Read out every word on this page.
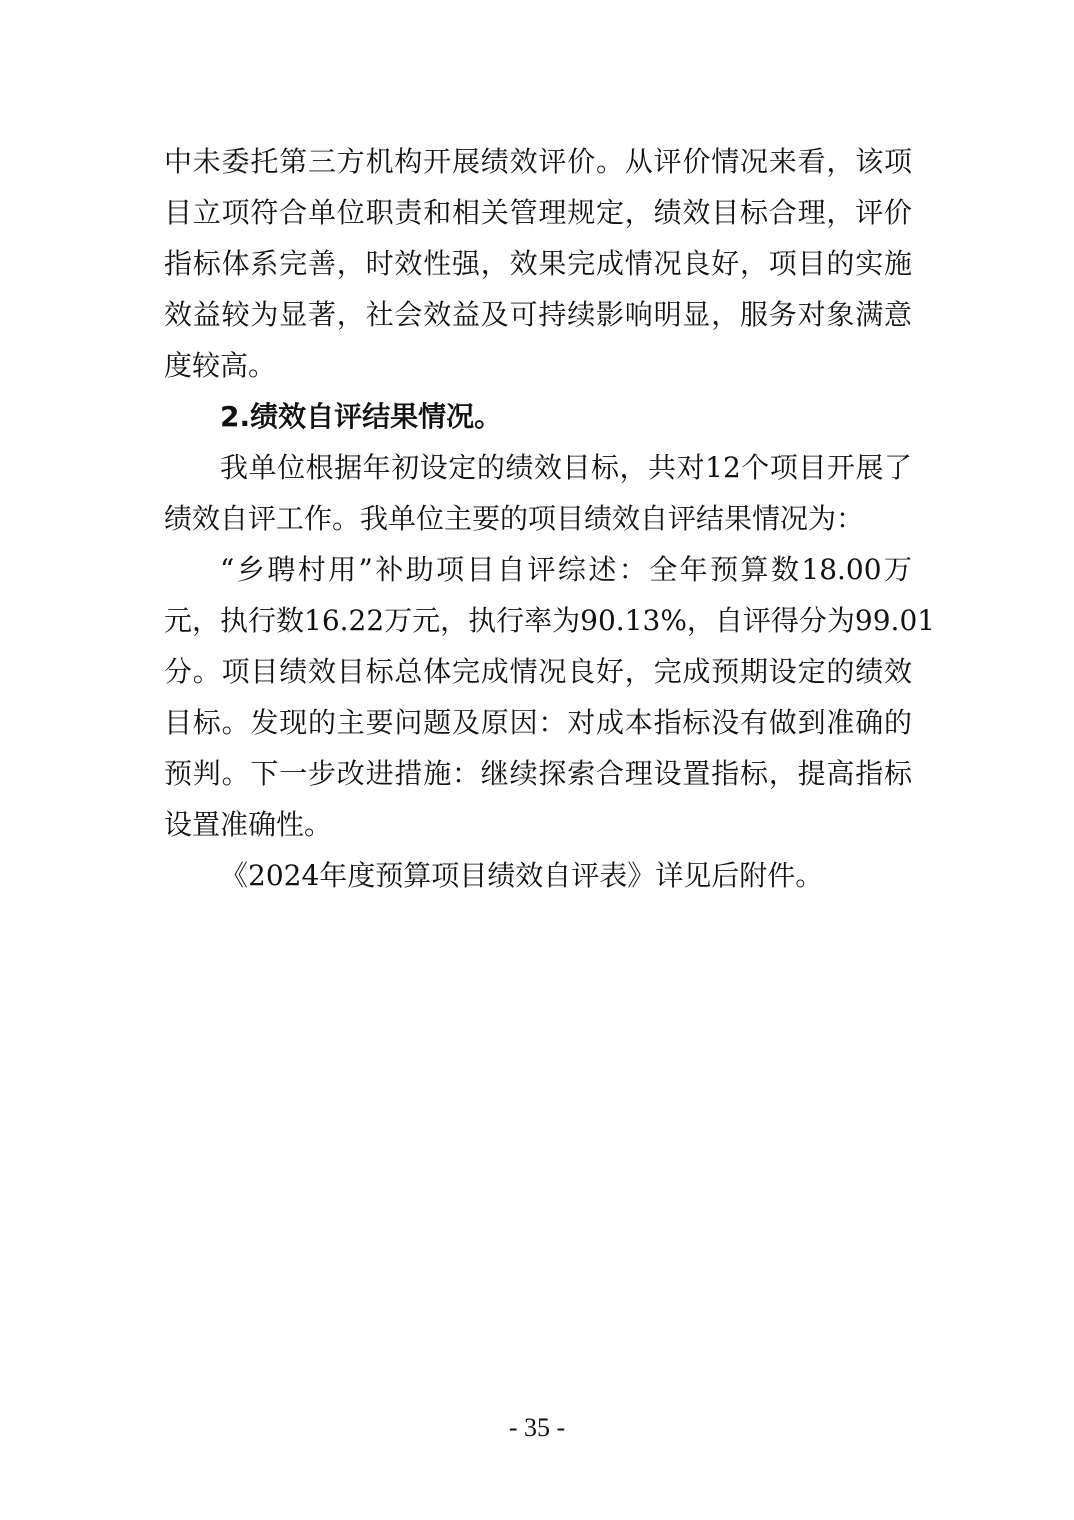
中未委托第三方机构开展绩效评价。从评价情况来看，该项
目立项符合单位职责和相关管理规定，绩效目标合理，评价
指标体系完善，时效性强，效果完成情况良好，项目的实施
效益较为显著，社会效益及可持续影响明显，服务对象满意
度较高。
2.绩效自评结果情况。
我单位根据年初设定的绩效目标，共对12个项目开展了
绩效自评工作。我单位主要的项目绩效自评结果情况为：
“乡聘村用”补助项目自评综述：全年预算数18.00万
元，执行数16.22万元，执行率为90.13%，自评得分为99.01
分。项目绩效目标总体完成情况良好，完成预期设定的绩效
目标。发现的主要问题及原因：对成本指标没有做到准确的
预判。下一步改进措施：继续探索合理设置指标，提高指标
设置准确性。
《2024年度预算项目绩效自评表》详见后附件。
- 35 -
